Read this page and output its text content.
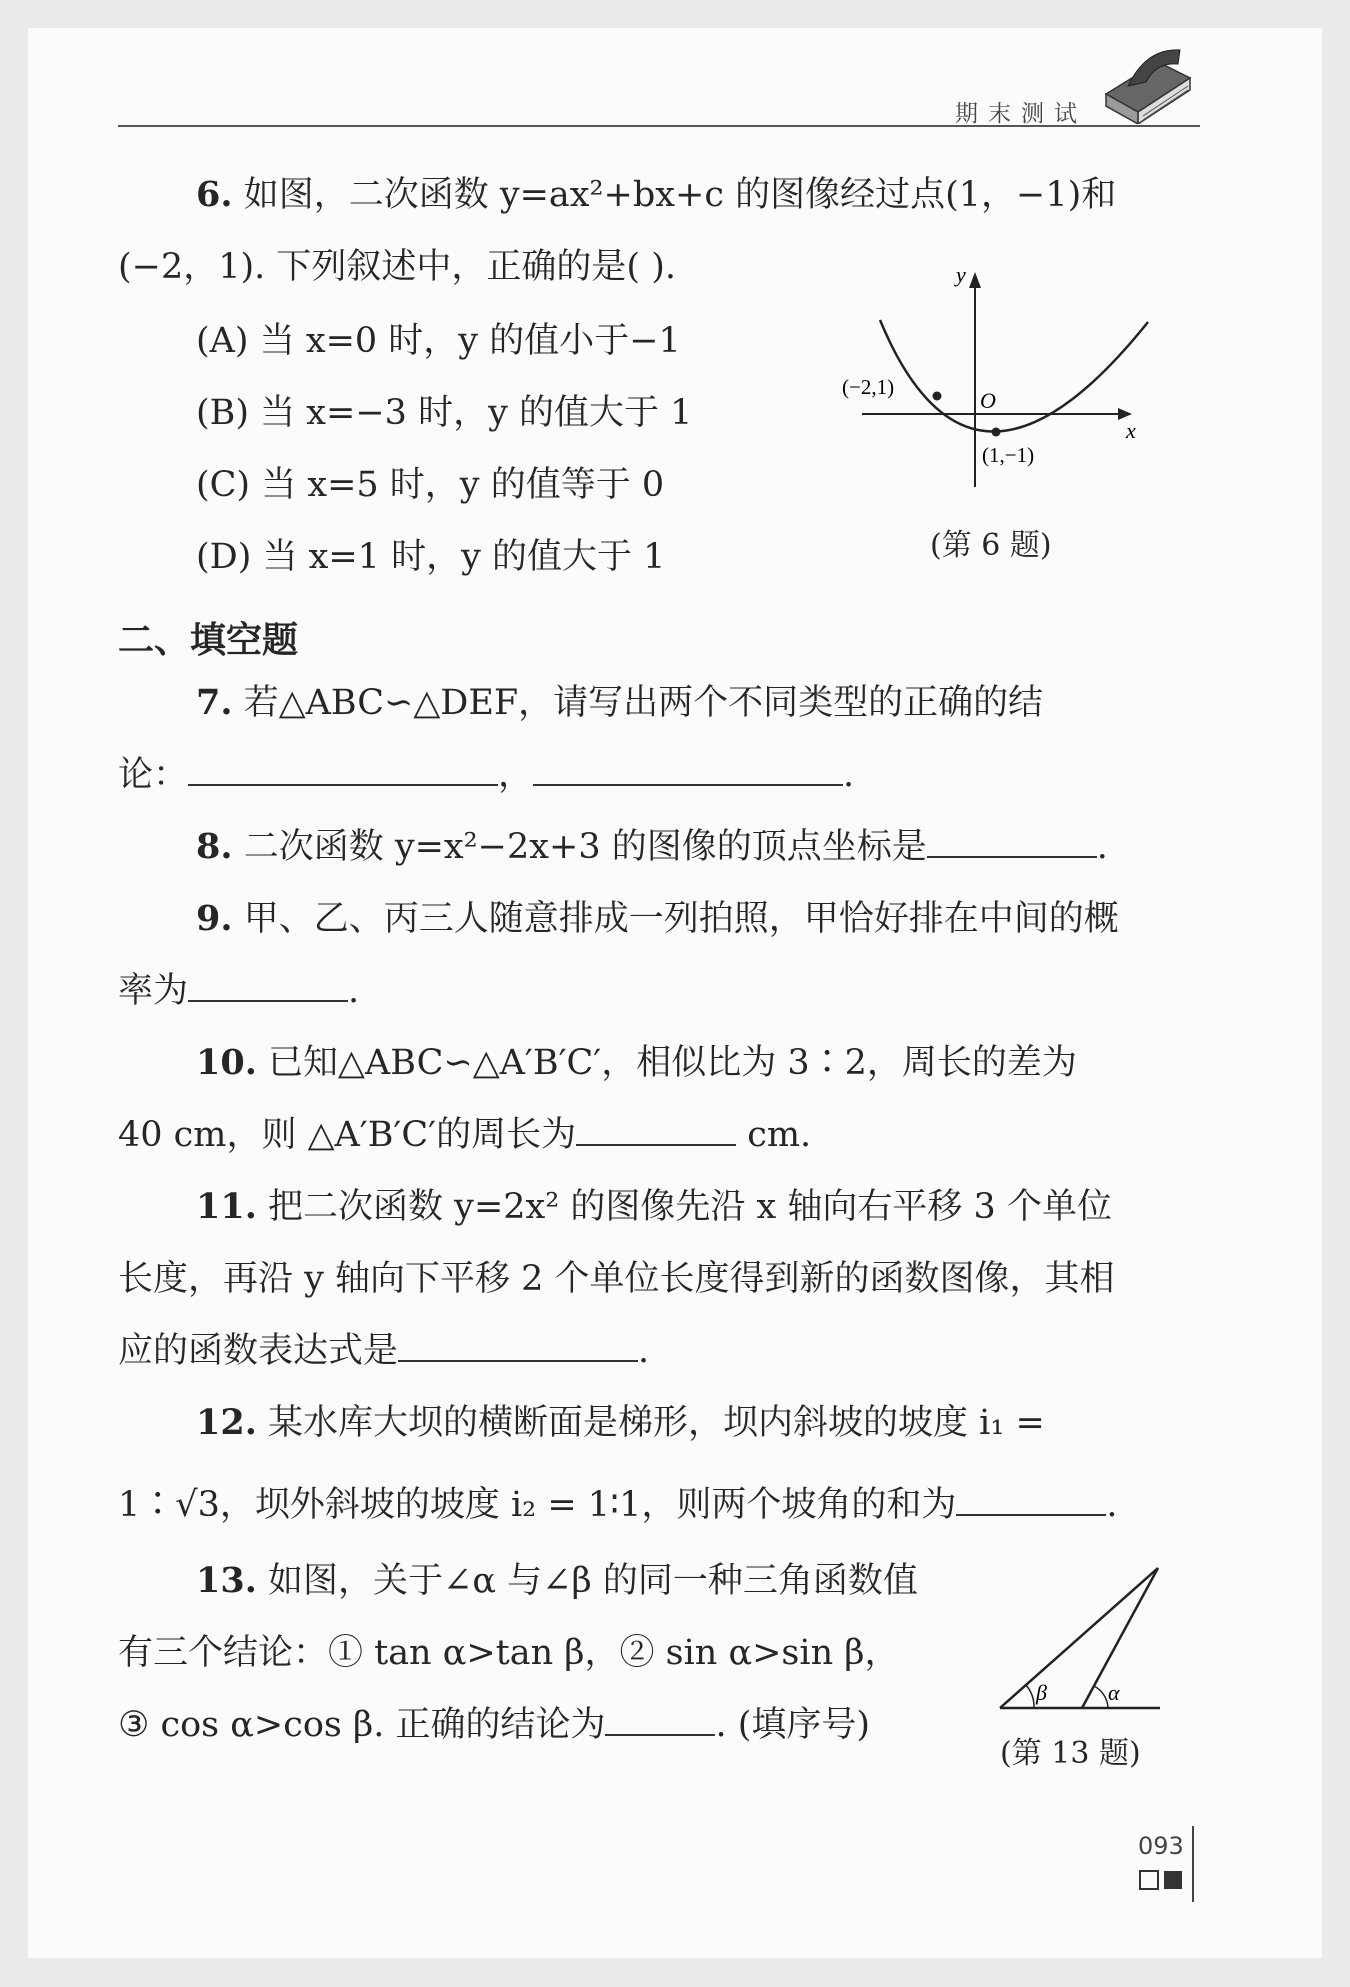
期末测试
6. 如图，二次函数 y=ax²+bx+c 的图像经过点(1，−1)和
(−2，1). 下列叙述中，正确的是( ).
(A) 当 x=0 时，y 的值小于−1
(B) 当 x=−3 时，y 的值大于 1
(C) 当 x=5 时，y 的值等于 0
(D) 当 x=1 时，y 的值大于 1
y
x
O
(−2,1)
(1,−1)
(第 6 题)
二、填空题
7. 若△ABC∽△DEF，请写出两个不同类型的正确的结
论：	，	.
8. 二次函数 y=x²−2x+3 的图像的顶点坐标是	.
9. 甲、乙、丙三人随意排成一列拍照，甲恰好排在中间的概
率为	.
10. 已知△ABC∽△A′B′C′，相似比为 3∶2，周长的差为
40 cm，则 △A′B′C′的周长为	cm.
11. 把二次函数 y=2x² 的图像先沿 x 轴向右平移 3 个单位
长度，再沿 y 轴向下平移 2 个单位长度得到新的函数图像，其相
应的函数表达式是	.
12. 某水库大坝的横断面是梯形，坝内斜坡的坡度 i₁ =
1∶√3，坝外斜坡的坡度 i₂ = 1∶1，则两个坡角的和为	.
13. 如图，关于∠α 与∠β 的同一种三角函数值
有三个结论：① tan α>tan β，② sin α>sin β，
③ cos α>cos β. 正确的结论为	. (填序号)
β	α
(第 13 题)
093
